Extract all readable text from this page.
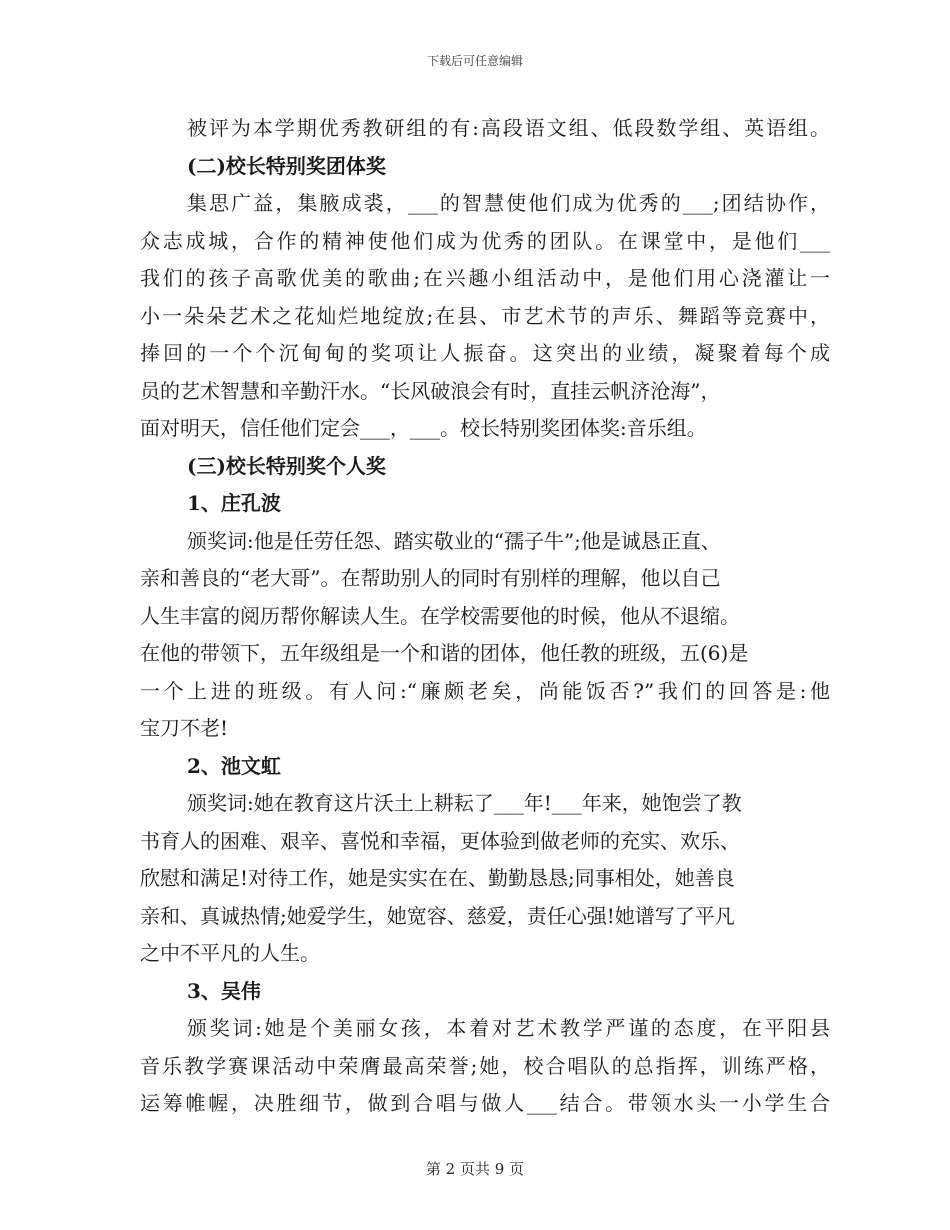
下载后可任意编辑
被评为本学期优秀教研组的有:高段语文组、低段数学组、英语组。
(二)校长特别奖团体奖
集思广益，集腋成裘，___的智慧使他们成为优秀的___;团结协作，
众志成城，合作的精神使他们成为优秀的团队。在课堂中，是他们___
我们的孩子高歌优美的歌曲;在兴趣小组活动中，是他们用心浇灌让一
小一朵朵艺术之花灿烂地绽放;在县、市艺术节的声乐、舞蹈等竞赛中，
捧回的一个个沉甸甸的奖项让人振奋。这突出的业绩，凝聚着每个成
员的艺术智慧和辛勤汗水。“长风破浪会有时，直挂云帆济沧海”，
面对明天，信任他们定会___，___。校长特别奖团体奖:音乐组。
(三)校长特别奖个人奖
1、庄孔波
颁奖词:他是任劳任怨、踏实敬业的“孺子牛”;他是诚恳正直、
亲和善良的“老大哥”。在帮助别人的同时有别样的理解，他以自己
人生丰富的阅历帮你解读人生。在学校需要他的时候，他从不退缩。
在他的带领下，五年级组是一个和谐的团体，他任教的班级，五(6)是
一个上进的班级。有人问:“廉颇老矣，尚能饭否?”我们的回答是:他
宝刀不老!
2、池文虹
颁奖词:她在教育这片沃土上耕耘了___年!___年来，她饱尝了教
书育人的困难、艰辛、喜悦和幸福，更体验到做老师的充实、欢乐、
欣慰和满足!对待工作，她是实实在在、勤勤恳恳;同事相处，她善良
亲和、真诚热情;她爱学生，她宽容、慈爱，责任心强!她谱写了平凡
之中不平凡的人生。
3、吴伟
颁奖词:她是个美丽女孩，本着对艺术教学严谨的态度，在平阳县
音乐教学赛课活动中荣膺最高荣誉;她，校合唱队的总指挥，训练严格，
运筹帷幄，决胜细节，做到合唱与做人___结合。带领水头一小学生合
第 2 页共 9 页
